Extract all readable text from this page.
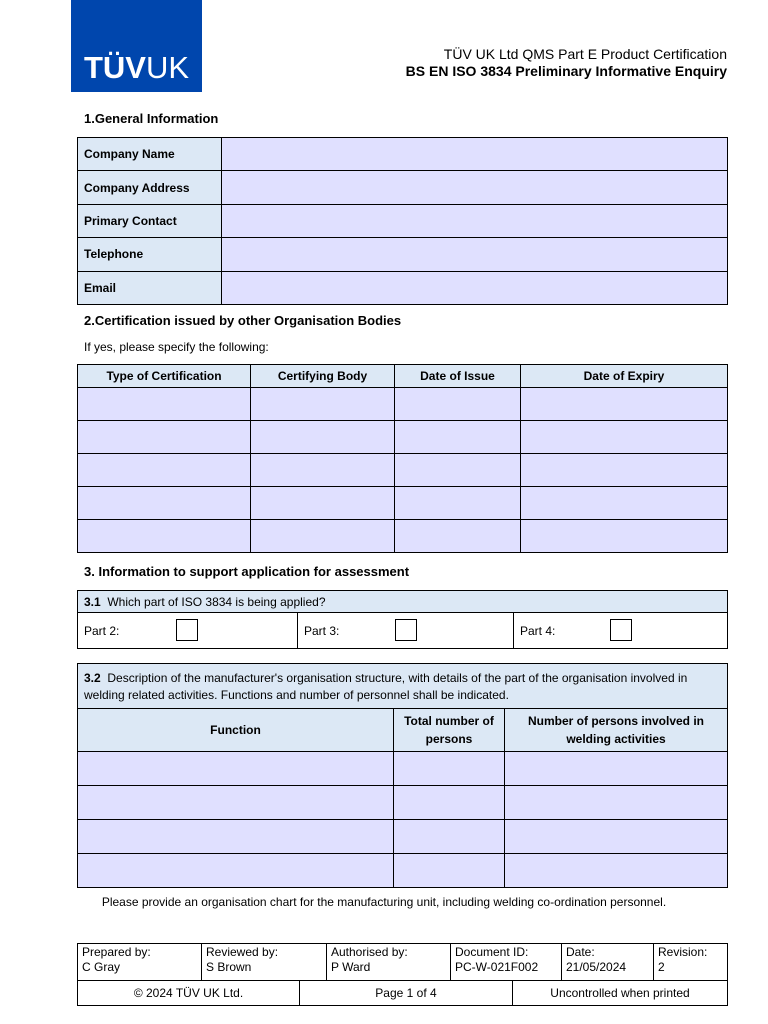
TÜVUK	TÜV UK Ltd QMS Part E Product Certification
BS EN ISO 3834 Preliminary Informative Enquiry
1.General Information
Company Name	
Company Address	
Primary Contact	
Telephone	
Email	
2.Certification issued by other Organisation Bodies
If yes, please specify the following:
Type of Certification	Certifying Body	Date of Issue	Date of Expiry

3. Information to support application for assessment
3.1 Which part of ISO 3834 is being applied?

Part 2:	Part 3:	Part 4:
3.2 Description of the manufacturer's organisation structure, with details of the part of the organisation involved in welding related activities. Functions and number of personnel shall be indicated.		
Function	Total number of persons	Number of persons involved in welding activities

Please provide an organisation chart for the manufacturing unit, including welding co-ordination personnel.
Prepared by:
C Gray

Reviewed by:
S Brown

Authorised by:
P Ward

Document ID:
PC-W-021F002

Date:
21/05/2024

Revision:
2
© 2024 TÜV UK Ltd.	Page 1 of 4	Uncontrolled when printed
